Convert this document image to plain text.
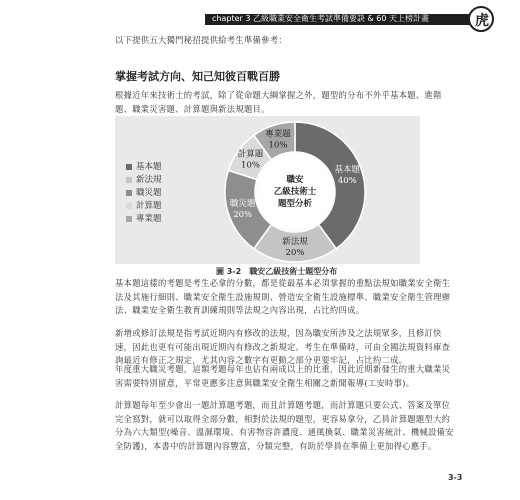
chapter 3 乙級職業安全衛生考試準備要訣 & 60 天上榜計畫	虎
以下提供五大獨門秘招提供給考生準備參考：
掌握考試方向、知己知彼百戰百勝
根據近年來技術士的考試，除了從命題大綱掌握之外，題型的分布不外乎基本題、進階題、職業災害題、計算題與新法規題目。
基本題
新法規
職災題
計算題
專業題
基本題
40%
新法規
20%
職災題
20%
計算題
10%
專業題
10%
職安
乙級技術士
題型分析
圖 3-2　職安乙級技術士題型分布
基本題這樣的考題是考生必拿的分數，都是從最基本必須掌握的重點法規如職業安全衛生法及其施行細則、職業安全衛生設施規則、營造安全衛生設施標準、職業安全衛生管理辦法、職業安全衛生教育訓練規則等法規之內容出現，占比約四成。
新增或修訂法規是指考試近期內有修改的法規，因為職安所涉及之法規眾多，且修訂快速，因此也更有可能出現近期內有修改之新規定。考生在準備時，可由全國法規資料庫查詢最近有修正之規定，尤其內容之數字有更動之部分更要牢記，占比約二成。
年度重大職災考題，這類考題每年也佔有兩成以上的比重，因此近期新發生的重大職業災害需要特別留意，平常更應多注意與職業安全衛生相關之新聞報導(工安時事)。
計算題每年至少會出一題計算題考題，而且計算題考題，而計算題只要公式、答案及單位完全寫對，就可以取得全部分數，相對於法規的題型，更容易拿分，乙員計算題題型大約分為六大類型(噪音、溫濕環境、有害物容許濃度、通風換氣、職業災害統計、機械設備安全防護)，本書中的計算題內容豐富，分類完整，有助於學員在準備上更加得心應手。
3-3
